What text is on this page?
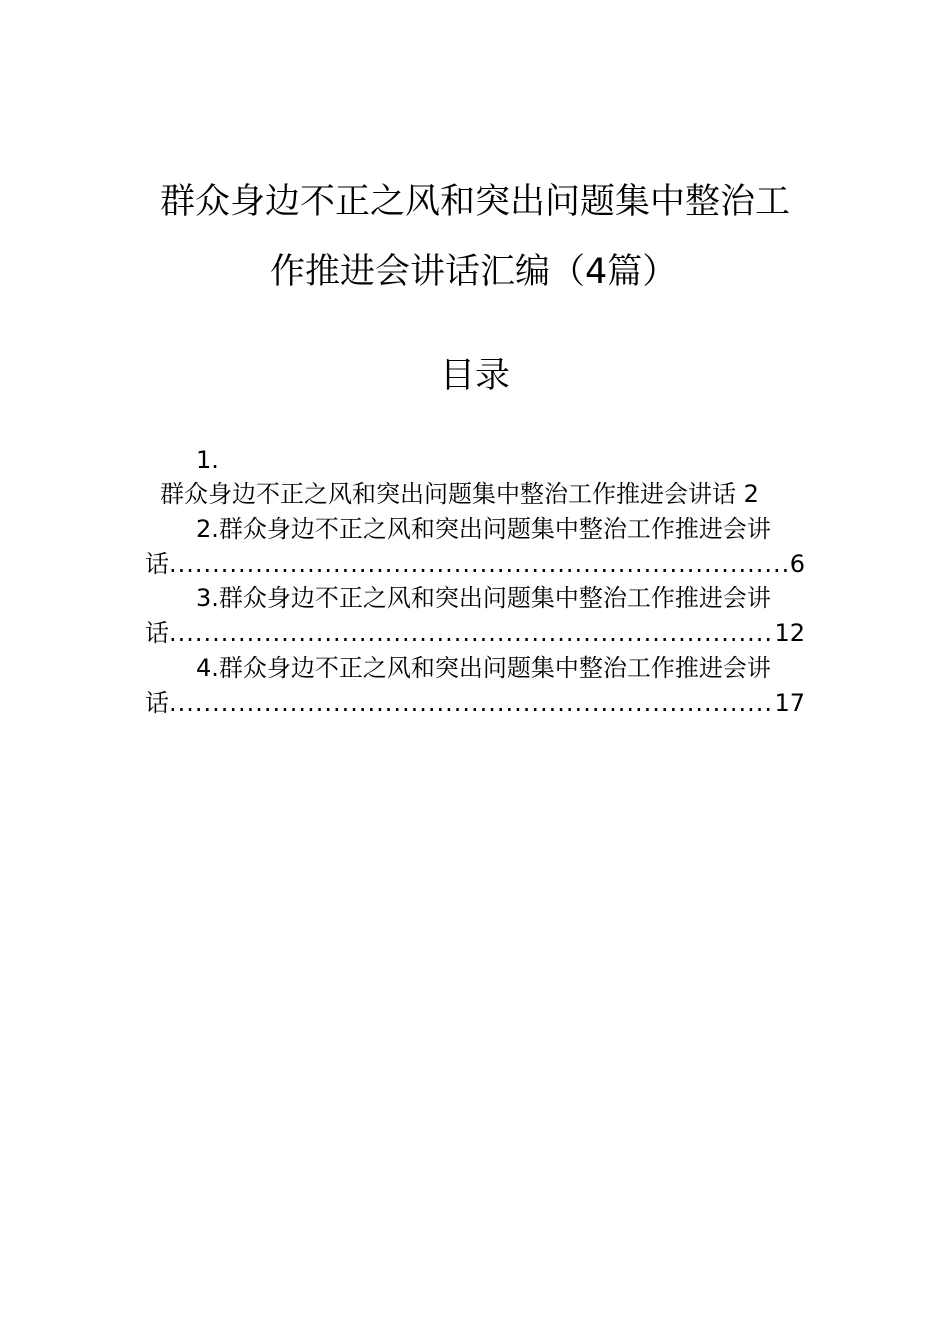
群众身边不正之风和突出问题集中整治工
作推进会讲话汇编（4篇）
目录
1.
群众身边不正之风和突出问题集中整治工作推进会讲话 2
2.群众身边不正之风和突出问题集中整治工作推进会讲
话 .....	6
3.群众身边不正之风和突出问题集中整治工作推进会讲
话 .....	12
4.群众身边不正之风和突出问题集中整治工作推进会讲
话 .....	17
